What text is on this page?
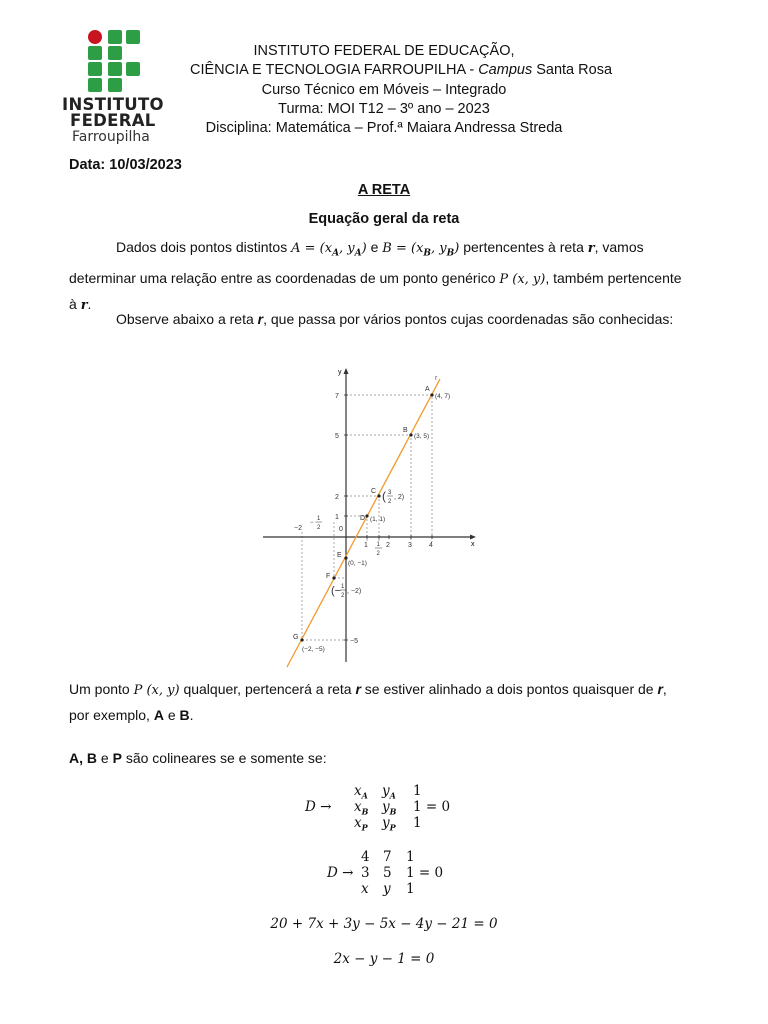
INSTITUTO
FEDERAL
Farroupilha
INSTITUTO FEDERAL DE EDUCAÇÃO,
CIÊNCIA E TECNOLOGIA FARROUPILHA - Campus Santa Rosa
Curso Técnico em Móveis – Integrado
Turma: MOI T12 – 3º ano – 2023
Disciplina: Matemática – Prof.ª Maiara Andressa Streda
Data: 10/03/2023
A RETA
Equação geral da reta
Dados dois pontos distintos $A = (x_A$, $y_A$) e $B = (x_B$, $y_B$) pertencentes à reta r, vamos
determinar uma relação entre as coordenadas de um ponto genérico P (x, y), também pertencente
à r.
Observe abaixo a reta r, que passa por vários pontos cujas coordenadas são conhecidas:
y
x
r
7
5
2
1
−5
−2
1	2	3 4
0
1
2
−
1
2
A
(4, 7)
B
(3, 5)
C
D (1, 1)
E
(0, −1)
F
G
(−2, −5)
( 3
2
, 2)
(− 1
2
, −2)
Um ponto P (x, y) qualquer, pertencerá a reta r se estiver alinhado a dois pontos quaisquer de r,
por exemplo, A e B.
A, B e P são colineares se e somente se:
D →
$x_A$ $y_A$ 1
$x_B$ $y_B$ 1 = 0
$x_P$ $y_P$ 1
D →
4 7 1
3 5 1 = 0
x y 1
20 + 7x + 3y − 5x − 4y − 21 = 0
2x − y − 1 = 0
